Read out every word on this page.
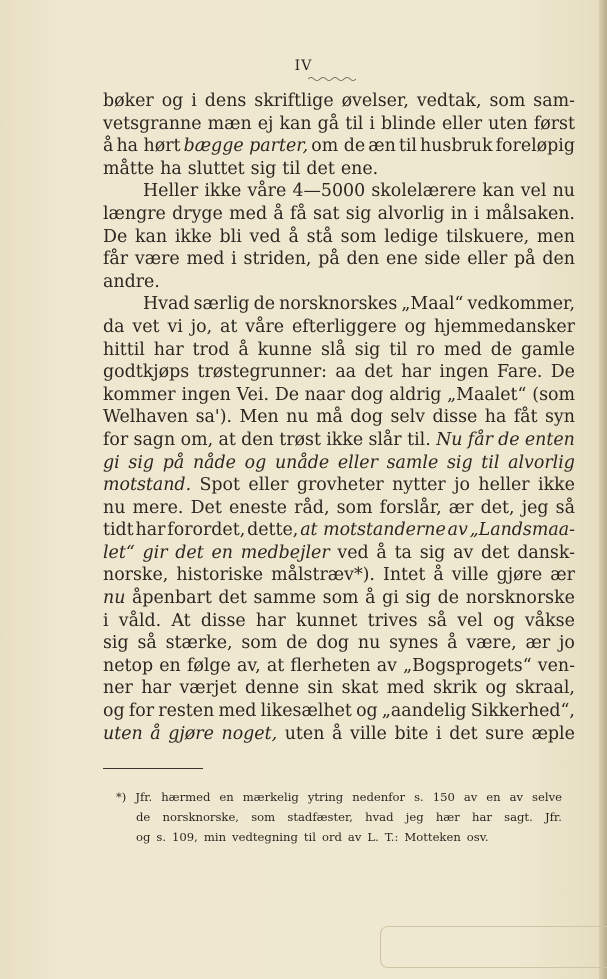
IV
bøker og i dens skriftlige øvelser, vedtak, som sam-
vetsgranne mæn ej kan gå til i blinde eller uten først
å ha hørt bægge parter, om de æn til husbruk foreløpig
måtte ha sluttet sig til det ene.
Heller ikke våre 4—5000 skolelærere kan vel nu
længre dryge med å få sat sig alvorlig in i målsaken.
De kan ikke bli ved å stå som ledige tilskuere, men
får være med i striden, på den ene side eller på den
andre.
Hvad særlig de norsknorskes „Maal“ vedkommer,
da vet vi jo, at våre efterliggere og hjemmedansker
hittil har trod å kunne slå sig til ro med de gamle
godtkjøps trøstegrunner: aa det har ingen Fare. De
kommer ingen Vei. De naar dog aldrig „Maalet“ (som
Welhaven sa'). Men nu må dog selv disse ha fåt syn
for sagn om, at den trøst ikke slår til. Nu får de enten
gi sig på nåde og unåde eller samle sig til alvorlig
motstand. Spot eller grovheter nytter jo heller ikke
nu mere. Det eneste råd, som forslår, ær det, jeg så
tidt har forordet, dette, at motstanderne av „Landsmaa-
let“ gir det en medbejler ved å ta sig av det dansk-
norske, historiske målstræv*). Intet å ville gjøre ær
nu åpenbart det samme som å gi sig de norsknorske
i våld. At disse har kunnet trives så vel og våkse
sig så stærke, som de dog nu synes å være, ær jo
netop en følge av, at flerheten av „Bogsprogets“ ven-
ner har værjet denne sin skat med skrik og skraal,
og for resten med likesælhet og „aandelig Sikkerhed“,
uten å gjøre noget, uten å ville bite i det sure æple
*) Jfr. hærmed en mærkelig ytring nedenfor s. 150 av en av selve
de norsknorske, som stadfæster, hvad jeg hær har sagt. Jfr.
og s. 109, min vedtegning til ord av L. T.: Motteken osv.
